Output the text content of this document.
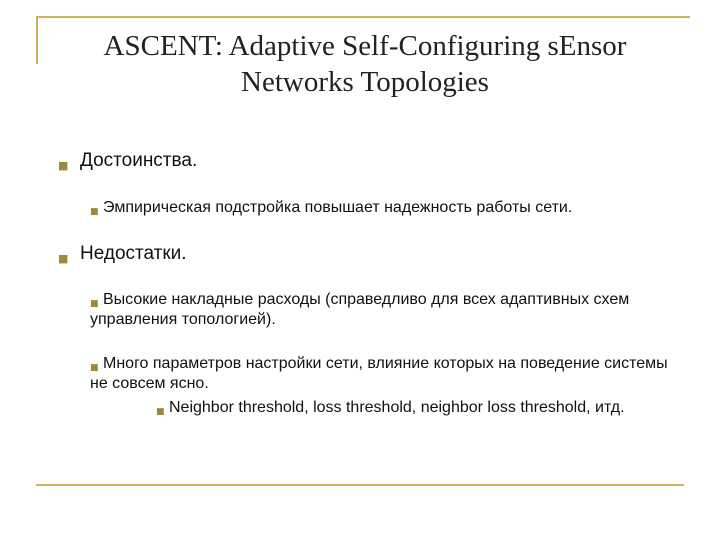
ASCENT: Adaptive Self-Configuring sEnsor
Networks Topologies
■ Достоинства.
■ Эмпирическая подстройка повышает надежность работы сети.
■ Недостатки.
■ Высокие накладные расходы (справедливо для всех адаптивных схем управления топологией).
■ Много параметров настройки сети, влияние которых на поведение системы не совсем ясно.
■ Neighbor threshold, loss threshold, neighbor loss threshold, итд.
